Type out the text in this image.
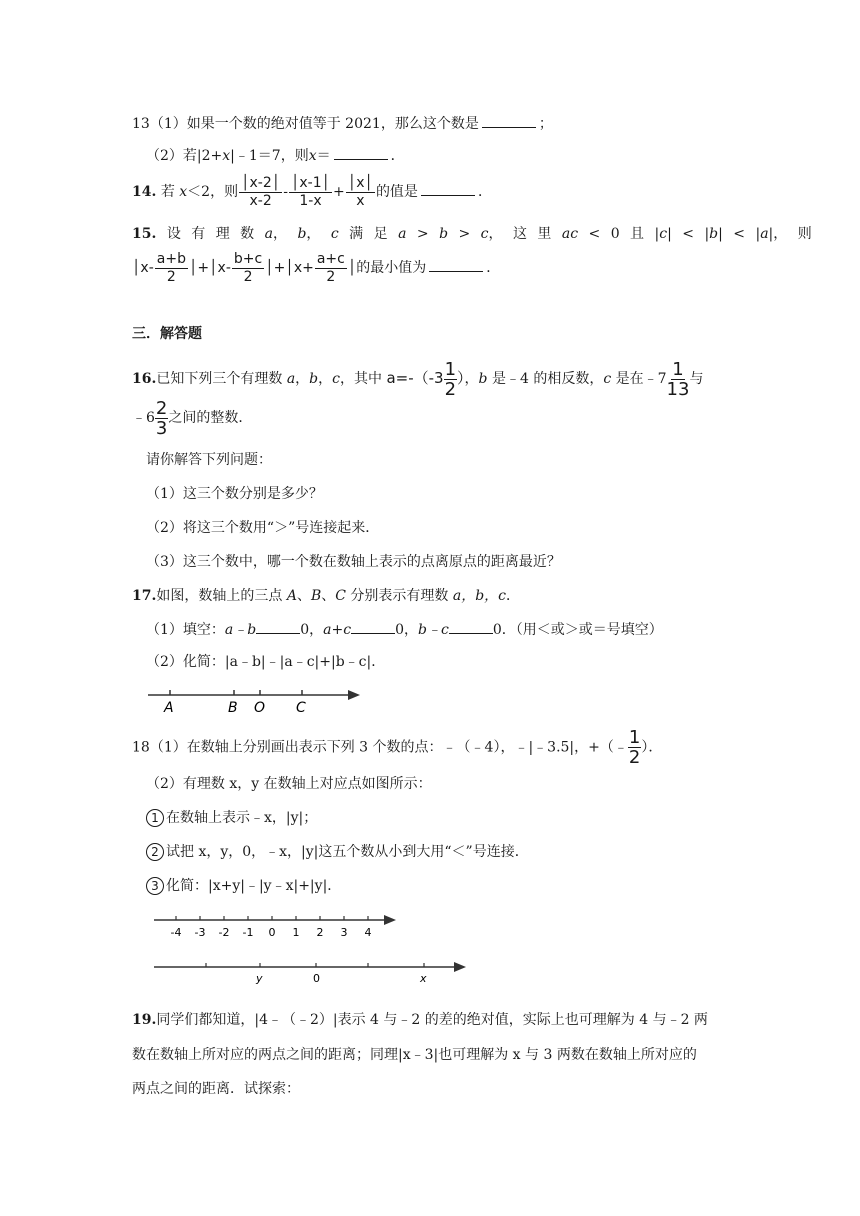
13（1）如果一个数的绝对值等于 2021，那么这个数是	；
（2）若|2+x|﹣1＝7，则x＝	．
14. 若 x＜2，则 $\frac{│x-2│}{x-2} - \frac{│x-1│}{1-x} + \frac{│x│}{x}$ 的值是	．
15. 设 有 理 数 a， b， c 满 足 a > b > c， 这 里 ac < 0 且 |c| < |b| < |a|， 则
│x- $\frac{a+b}{2}$ │+│x- $\frac{b+c}{2}$ │+│x+ $\frac{a+c}{2}$ │的最小值为	．
三．解答题
16.已知下列三个有理数 a，b，c，其中 $a=-(-3 \frac{1}{2}$ ），b 是﹣4 的相反数，c 是在﹣7 $\frac{1}{13}$ 与
﹣6 $\frac{2}{3}$ 之间的整数．
请你解答下列问题：
（1）这三个数分别是多少？
（2）将这三个数用“＞”号连接起来．
（3）这三个数中，哪一个数在数轴上表示的点离原点的距离最近？
17.如图，数轴上的三点 A、B、C 分别表示有理数 a，b，c．
（1）填空：a﹣b	0，a+c	0，b﹣c	0．（用＜或＞或＝号填空）
（2）化简：|a﹣b|﹣|a﹣c|+|b﹣c|．
A	B O C
18（1）在数轴上分别画出表示下列 3 个数的点：﹣（﹣4），﹣|﹣3.5|，+（﹣ $\frac{1}{2}$ ）．
（2）有理数 x，y 在数轴上对应点如图所示：
1 在数轴上表示﹣x，|y|；
2 试把 x，y，0，﹣x，|y|这五个数从小到大用“＜”号连接．
3 化简：|x+y|﹣|y﹣x|+|y|．
-4 -3 -2 -1 0 1 2 3 4
y	0	x
19.同学们都知道，|4﹣（﹣2）|表示 4 与﹣2 的差的绝对值，实际上也可理解为 4 与﹣2 两
数在数轴上所对应的两点之间的距离；同理|x﹣3|也可理解为 x 与 3 两数在数轴上所对应的
两点之间的距离．试探索：
